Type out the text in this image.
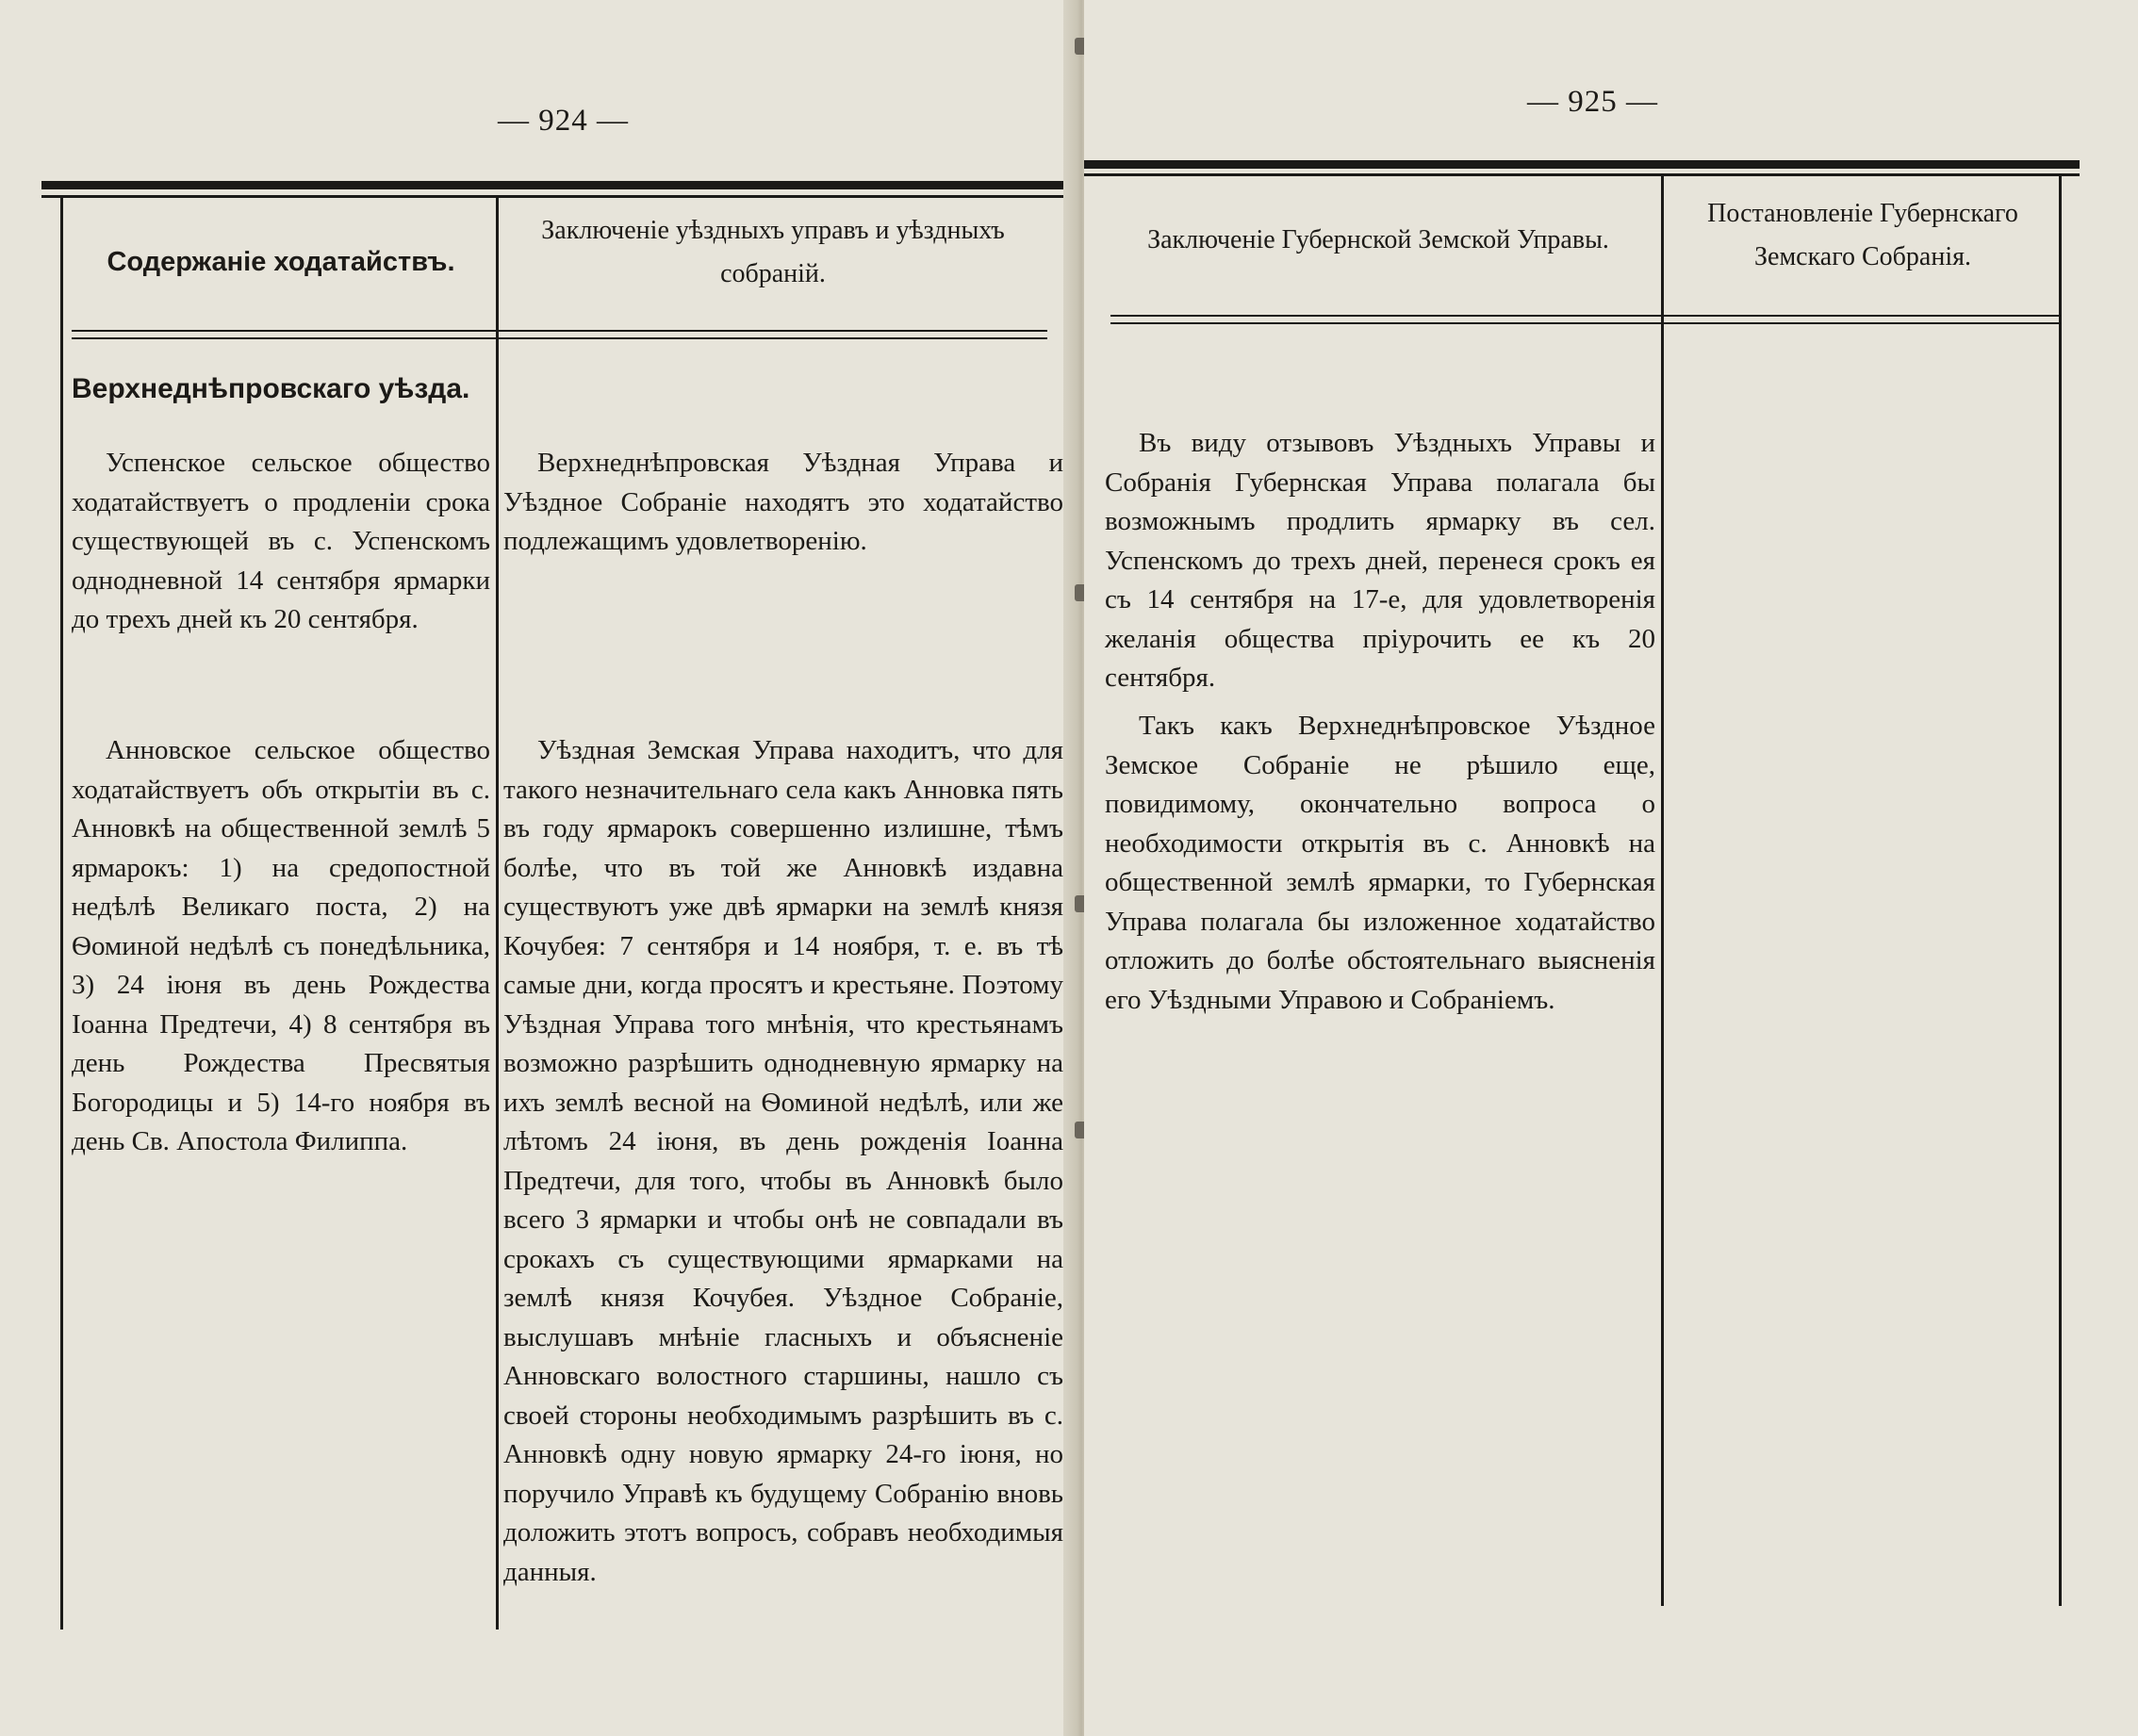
— 924 —
Содержаніе ходатайствъ.
Заключеніе уѣздныхъ управъ и уѣздныхъ собраній.
Верхнеднѣпровскаго уѣзда.
Успенское сельское общество ходатайствуетъ о продленіи срока существующей въ с. Успенскомъ однодневной 14 сентября ярмарки до трехъ дней къ 20 сентября.
Анновское сельское общество ходатайствуетъ объ открытіи въ с. Анновкѣ на общественной землѣ 5 ярмарокъ: 1) на средопостной недѣлѣ Великаго поста, 2) на Ѳоминой недѣлѣ съ понедѣльника, 3) 24 іюня въ день Рождества Іоанна Предтечи, 4) 8 сентября въ день Рождества Пресвятыя Богородицы и 5) 14-го ноября въ день Св. Апостола Филиппа.
Верхнеднѣпровская Уѣздная Управа и Уѣздное Собраніе находятъ это ходатайство подлежащимъ удовлетворенію.
Уѣздная Земская Управа находитъ, что для такого незначительнаго села какъ Анновка пять въ году ярмарокъ совершенно излишне, тѣмъ болѣе, что въ той же Анновкѣ издавна существуютъ уже двѣ ярмарки на землѣ князя Кочубея: 7 сентября и 14 ноября, т. е. въ тѣ самые дни, когда просятъ и крестьяне. Поэтому Уѣздная Управа того мнѣнія, что крестьянамъ возможно разрѣшить однодневную ярмарку на ихъ землѣ весной на Ѳоминой недѣлѣ, или же лѣтомъ 24 іюня, въ день рожденія Іоанна Предтечи, для того, чтобы въ Анновкѣ было всего 3 ярмарки и чтобы онѣ не совпадали въ срокахъ съ существующими ярмарками на землѣ князя Кочубея. Уѣздное Собраніе, выслушавъ мнѣніе гласныхъ и объясненіе Анновскаго волостного старшины, нашло съ своей стороны необходимымъ разрѣшить въ с. Анновкѣ одну новую ярмарку 24-го іюня, но поручило Управѣ къ будущему Собранію вновь доложить этотъ вопросъ, собравъ необходимыя данныя.
— 925 —
Заключеніе Губернской Земской Управы.
Постановленіе Губернскаго Земскаго Собранія.
Въ виду отзывовъ Уѣздныхъ Управы и Собранія Губернская Управа полагала бы возможнымъ продлить ярмарку въ сел. Успенскомъ до трехъ дней, перенеся срокъ ея съ 14 сентября на 17-е, для удовлетворенія желанія общества пріурочить ее къ 20 сентября.
Такъ какъ Верхнеднѣпровское Уѣздное Земское Собраніе не рѣшило еще, повидимому, окончательно вопроса о необходимости открытія въ с. Анновкѣ на общественной землѣ ярмарки, то Губернская Управа полагала бы изложенное ходатайство отложить до болѣе обстоятельнаго выясненія его Уѣздными Управою и Собраніемъ.
